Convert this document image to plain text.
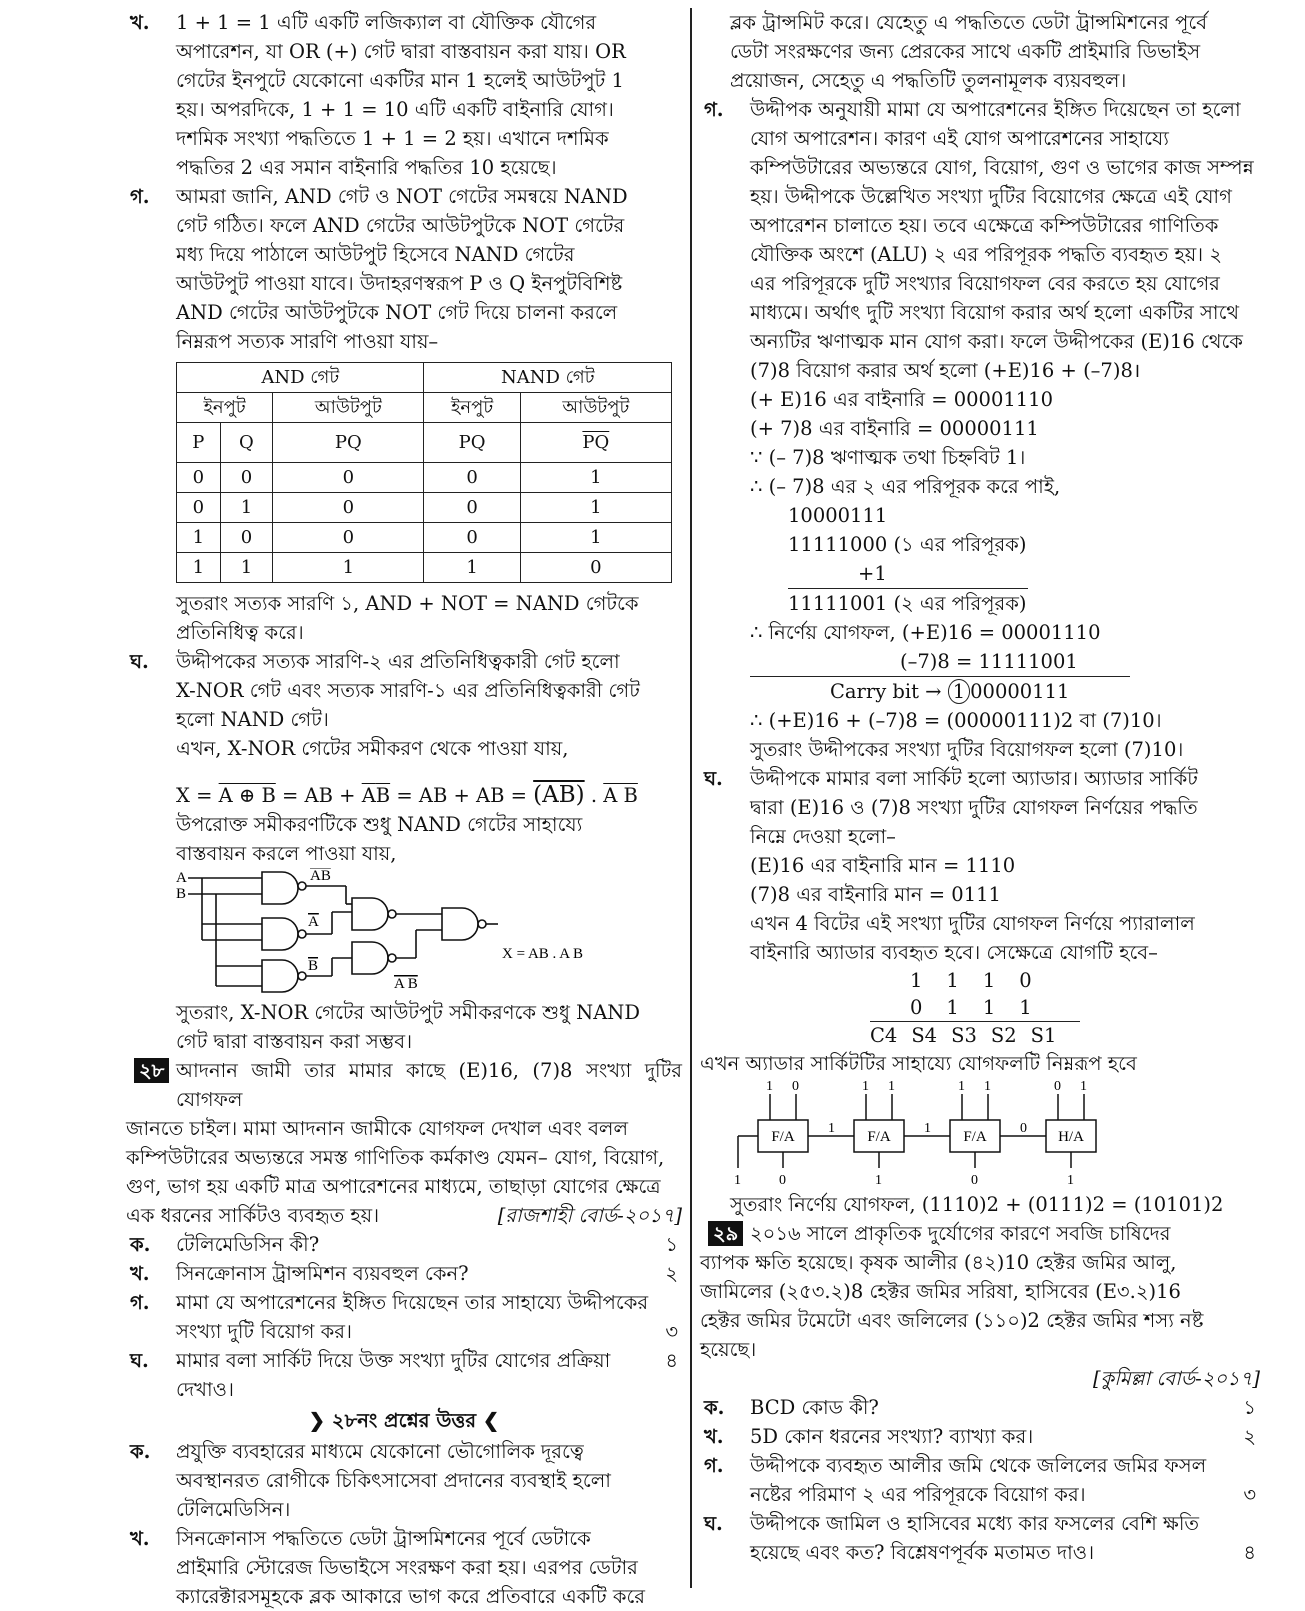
খ. 1 + 1 = 1 এটি একটি লজিক্যাল বা যৌক্তিক যৌগের
অপারেশন, যা OR (+) গেট দ্বারা বাস্তবায়ন করা যায়। OR
গেটের ইনপুটে যেকোনো একটির মান 1 হলেই আউটপুট 1
হয়। অপরদিকে, 1 + 1 = 10 এটি একটি বাইনারি যোগ।
দশমিক সংখ্যা পদ্ধতিতে 1 + 1 = 2 হয়। এখানে দশমিক
পদ্ধতির 2 এর সমান বাইনারি পদ্ধতির 10 হয়েছে।
গ. আমরা জানি, AND গেট ও NOT গেটের সমন্বয়ে NAND
গেট গঠিত। ফলে AND গেটের আউটপুটকে NOT গেটের
মধ্য দিয়ে পাঠালে আউটপুট হিসেবে NAND গেটের
আউটপুট পাওয়া যাবে। উদাহরণস্বরূপ P ও Q ইনপুটবিশিষ্ট
AND গেটের আউটপুটকে NOT গেট দিয়ে চালনা করলে
নিম্নরূপ সত্যক সারণি পাওয়া যায়–
AND গেট			NAND গেট	
ইনপুট		আউটপুট	ইনপুট	আউটপুট
P	Q	PQ	PQ	$\overline{PQ}$
0	0	0	0	1
0	1	0	0	1
1	0	0	0	1
1	1	1	1	0
সুতরাং সত্যক সারণি ১, AND + NOT = NAND গেটকে
প্রতিনিধিত্ব করে।
ঘ. উদ্দীপকের সত্যক সারণি-২ এর প্রতিনিধিত্বকারী গেট হলো
X-NOR গেট এবং সত্যক সারণি-১ এর প্রতিনিধিত্বকারী গেট
হলো NAND গেট।
এখন, X-NOR গেটের সমীকরণ থেকে পাওয়া যায়,
X = A ⊕ B = AB + $\overline{A}\overline{B}$ = AB + AB = (AB) . A B
উপরোক্ত সমীকরণটিকে শুধু NAND গেটের সাহায্যে
বাস্তবায়ন করলে পাওয়া যায়,
A
B
AB
A
B
A B
X = AB . A B
সুতরাং, X-NOR গেটের আউটপুট সমীকরণকে শুধু NAND
গেট দ্বারা বাস্তবায়ন করা সম্ভব।
২৮ আদনান জামী তার মামার কাছে (E)16, (7)8 সংখ্যা দুটির যোগফল
জানতে চাইল। মামা আদনান জামীকে যোগফল দেখাল এবং বলল
কম্পিউটারের অভ্যন্তরে সমস্ত গাণিতিক কর্মকাণ্ড যেমন– যোগ, বিয়োগ,
গুণ, ভাগ হয় একটি মাত্র অপারেশনের মাধ্যমে, তাছাড়া যোগের ক্ষেত্রে
এক ধরনের সার্কিটও ব্যবহৃত হয়।	[রাজশাহী বোর্ড-২০১৭]
ক. টেলিমেডিসিন কী?	১
খ. সিনক্রোনাস ট্রান্সমিশন ব্যয়বহুল কেন?	২
গ. মামা যে অপারেশনের ইঙ্গিত দিয়েছেন তার সাহায্যে উদ্দীপকের সংখ্যা দুটি বিয়োগ কর।	৩
ঘ. মামার বলা সার্কিট দিয়ে উক্ত সংখ্যা দুটির যোগের প্রক্রিয়া দেখাও।
৪
❯ ২৮নং প্রশ্নের উত্তর ❮
ক. প্রযুক্তি ব্যবহারের মাধ্যমে যেকোনো ভৌগোলিক দূরত্বে
অবস্থানরত রোগীকে চিকিৎসাসেবা প্রদানের ব্যবস্থাই হলো
টেলিমেডিসিন।
খ. সিনক্রোনাস পদ্ধতিতে ডেটা ট্রান্সমিশনের পূর্বে ডেটাকে
প্রাইমারি স্টোরেজ ডিভাইসে সংরক্ষণ করা হয়। এরপর ডেটার
ক্যারেক্টারসমূহকে ব্লক আকারে ভাগ করে প্রতিবারে একটি করে
ব্লক ট্রান্সমিট করে। যেহেতু এ পদ্ধতিতে ডেটা ট্রান্সমিশনের পূর্বে
ডেটা সংরক্ষণের জন্য প্রেরকের সাথে একটি প্রাইমারি ডিভাইস
প্রয়োজন, সেহেতু এ পদ্ধতিটি তুলনামূলক ব্যয়বহুল।
গ. উদ্দীপক অনুযায়ী মামা যে অপারেশনের ইঙ্গিত দিয়েছেন তা হলো
যোগ অপারেশন। কারণ এই যোগ অপারেশনের সাহায্যে
কম্পিউটারের অভ্যন্তরে যোগ, বিয়োগ, গুণ ও ভাগের কাজ সম্পন্ন
হয়। উদ্দীপকে উল্লেখিত সংখ্যা দুটির বিয়োগের ক্ষেত্রে এই যোগ
অপারেশন চালাতে হয়। তবে এক্ষেত্রে কম্পিউটারের গাণিতিক
যৌক্তিক অংশে (ALU) ২ এর পরিপূরক পদ্ধতি ব্যবহৃত হয়। ২
এর পরিপূরকে দুটি সংখ্যার বিয়োগফল বের করতে হয় যোগের
মাধ্যমে। অর্থাৎ দুটি সংখ্যা বিয়োগ করার অর্থ হলো একটির সাথে
অন্যটির ঋণাত্মক মান যোগ করা। ফলে উদ্দীপকের (E)16 থেকে
(7)8 বিয়োগ করার অর্থ হলো (+E)16 + (–7)8।
(+ E)16 এর বাইনারি = 00001110
(+ 7)8 এর বাইনারি = 00000111
∵ (– 7)8 ঋণাত্মক তথা চিহ্নবিট 1।
∴ (– 7)8 এর ২ এর পরিপূরক করে পাই,
10000111
11111000 (১ এর পরিপূরক)
+1
11111001 (২ এর পরিপূরক)
∴ নির্ণেয় যোগফল, (+E)16 = 00001110
(–7)8 = 11111001
Carry bit → 1 00000111
∴ (+E)16 + (–7)8 = (00000111)2 বা (7)10।
সুতরাং উদ্দীপকের সংখ্যা দুটির বিয়োগফল হলো (7)10।
ঘ. উদ্দীপকে মামার বলা সার্কিট হলো অ্যাডার। অ্যাডার সার্কিট
দ্বারা (E)16 ও (7)8 সংখ্যা দুটির যোগফল নির্ণয়ের পদ্ধতি
নিম্নে দেওয়া হলো–
(E)16 এর বাইনারি মান = 1110
(7)8 এর বাইনারি মান = 0111
এখন 4 বিটের এই সংখ্যা দুটির যোগফল নির্ণয়ে প্যারালাল
বাইনারি অ্যাডার ব্যবহৃত হবে। সেক্ষেত্রে যোগটি হবে–
1 1 1 0
0 1 1 1
C4 S4 S3 S2 S1
এখন অ্যাডার সার্কিটটির সাহায্যে যোগফলটি নিম্নরূপ হবে
F/A	F/A	F/A	H/A
1 0	1 1	1 1	0 1
1	1	0
1	0	1	0	1
সুতরাং নির্ণেয় যোগফল, (1110)2 + (0111)2 = (10101)2
২৯ ২০১৬ সালে প্রাকৃতিক দুর্যোগের কারণে সবজি চাষিদের
ব্যাপক ক্ষতি হয়েছে। কৃষক আলীর (৪২)10 হেক্টর জমির আলু,
জামিলের (২৫৩.২)8 হেক্টর জমির সরিষা, হাসিবের (E৩.২)16
হেক্টর জমির টমেটো এবং জলিলের (১১০)2 হেক্টর জমির শস্য নষ্ট
হয়েছে।
[কুমিল্লা বোর্ড-২০১৭]
ক. BCD কোড কী?	১
খ. 5D কোন ধরনের সংখ্যা? ব্যাখ্যা কর।	২
গ. উদ্দীপকে ব্যবহৃত আলীর জমি থেকে জলিলের জমির ফসল নষ্টের পরিমাণ ২ এর পরিপূরকে বিয়োগ কর।	৩
ঘ. উদ্দীপকে জামিল ও হাসিবের মধ্যে কার ফসলের বেশি ক্ষতি হয়েছে এবং কত? বিশ্লেষণপূর্বক মতামত দাও।	৪
